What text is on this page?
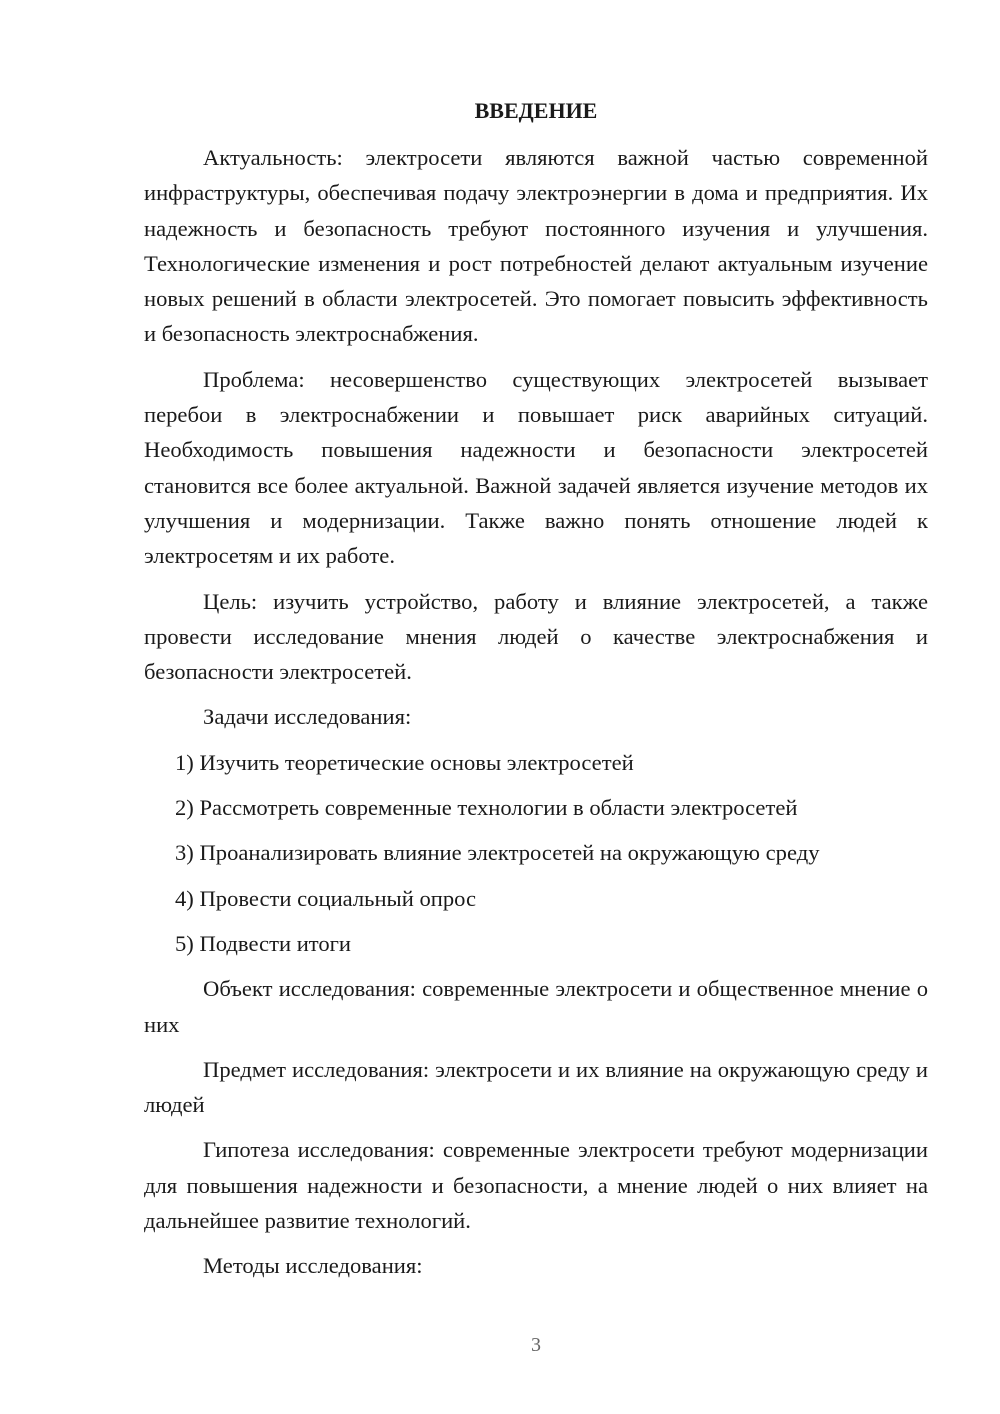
ВВЕДЕНИЕ

Актуальность: электросети являются важной частью современной инфраструктуры, обеспечивая подачу электроэнергии в дома и предприятия. Их надежность и безопасность требуют постоянного изучения и улучшения. Технологические изменения и рост потребностей делают актуальным изучение новых решений в области электросетей. Это помогает повысить эффективность и безопасность электроснабжения.

Проблема: несовершенство существующих электросетей вызывает перебои в электроснабжении и повышает риск аварийных ситуаций. Необходимость повышения надежности и безопасности электросетей становится все более актуальной. Важной задачей является изучение методов их улучшения и модернизации. Также важно понять отношение людей к электросетям и их работе.

Цель: изучить устройство, работу и влияние электросетей, а также провести исследование мнения людей о качестве электроснабжения и безопасности электросетей.

Задачи исследования:

1) Изучить теоретические основы электросетей

2) Рассмотреть современные технологии в области электросетей

3) Проанализировать влияние электросетей на окружающую среду

4) Провести социальный опрос

5) Подвести итоги

Объект исследования: современные электросети и общественное мнение о них

Предмет исследования: электросети и их влияние на окружающую среду и людей

Гипотеза исследования: современные электросети требуют модернизации для повышения надежности и безопасности, а мнение людей о них влияет на дальнейшее развитие технологий.

Методы исследования:

3
